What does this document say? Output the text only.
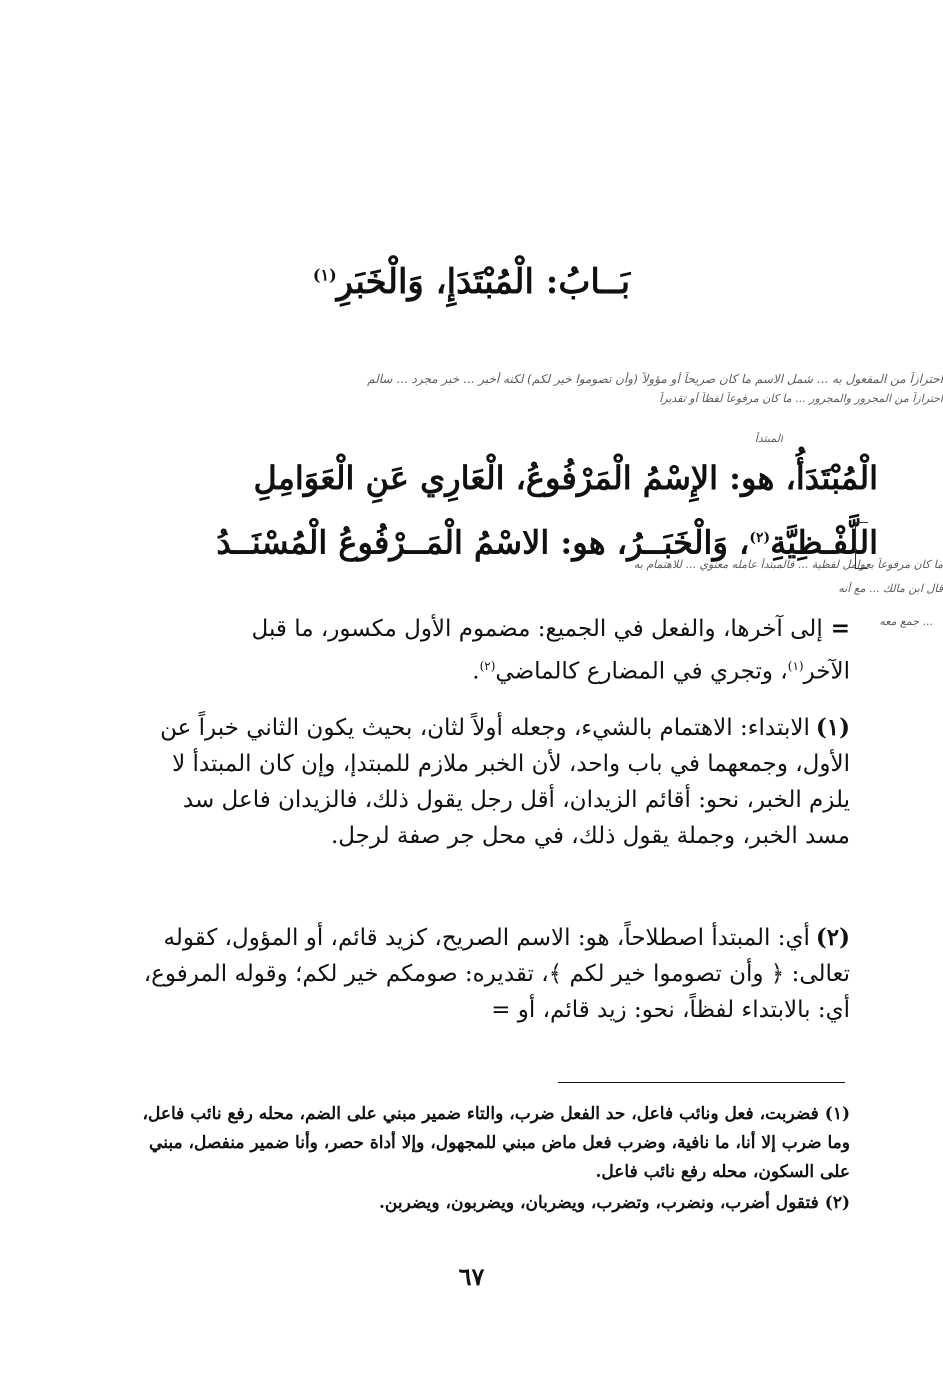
بَــابُ: الْمُبْتَدَإِ، وَالْخَبَرِ$^{(١)}$
احترازاً من المفعول به ... شمل الاسم ما كان صريحاً أو مؤولاً (وأن تصوموا خير لكم) لكنه أخبر ... خبر مجرد ... سالم
احترازاً من المجرور والمجرور ... ما كان مرفوعاً لفظاً أو تقديراً
المبتدأ

الْمُبْتَدَأُ، هو: الإِسْمُ الْمَرْفُوعُ، الْعَارِي عَنِ الْعَوَامِلِ

اللَّفْـظِيَّةِ$^{(٢)}$، وَالْخَبَــرُ، هو: الاسْمُ الْمَــرْفُوعُ الْمُسْنَــدُ

ما كان مرفوعاً بعوامل لفظية ... فالمبتدأ عامله معنوي ... للاهتمام به
قال ابن مالك ... مع أنه
... جمع معه

=إلى آخرها، والفعل في الجميع: مضموم الأول مكسور، ما قبل

الآخر$^{(١)}$، وتجري في المضارع كالماضي$^{(٢)}$.

(١)الابتداء: الاهتمام بالشيء، وجعله أولاً لثان، بحيث يكون الثاني خبراً عن الأول، وجمعهما في باب واحد، لأن الخبر ملازم للمبتدإ، وإن كان المبتدأ لا يلزم الخبر، نحو: أقائم الزيدان، أقل رجل يقول ذلك، فالزيدان فاعل سد مسد الخبر، وجملة يقول ذلك، في محل جر صفة لرجل.
(٢)أي: المبتدأ اصطلاحاً، هو: الاسم الصريح، كزيد قائم، أو المؤول، كقوله تعالى: ﴿ وأن تصوموا خير لكم ﴾، تقديره: صومكم خير لكم؛ وقوله المرفوع، أي: بالابتداء لفظاً، نحو: زيد قائم، أو =

(١)فضربت، فعل ونائب فاعل، حد الفعل ضرب، والتاء ضمير مبني على الضم، محله رفع نائب فاعل، وما ضرب إلا أنا، ما نافية، وضرب فعل ماض مبني للمجهول، وإلا أداة حصر، وأنا ضمير منفصل، مبني على السكون، محله رفع نائب فاعل.

(٢)فتقول أضرب، ونضرب، وتضرب، ويضربان، ويضربون، ويضربن.

٦٧
